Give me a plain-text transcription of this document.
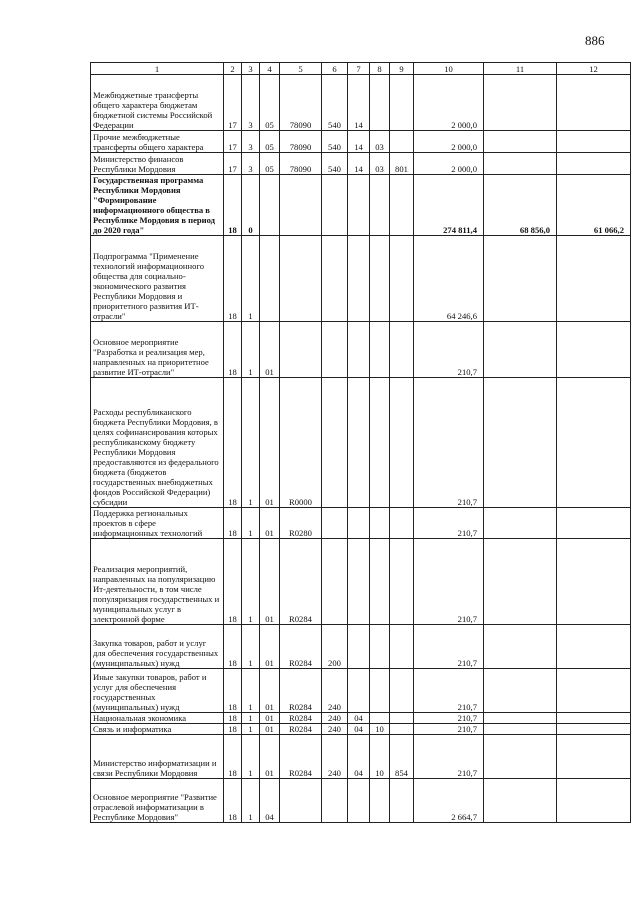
886
1	2	3	4	5	6	7	8	9	10	11	12
Межбюджетные трансферты общего характера бюджетам бюджетной системы Российской Федерации	17	3	05	78090	540	14			2 000,0		
Прочие межбюджетные трансферты общего характера	17	3	05	78090	540	14	03		2 000,0		
Министерство финансов Республики Мордовия	17	3	05	78090	540	14	03	801	2 000,0		
Государственная программа Республики Мордовия "Формирование информационного общества в Республике Мордовия в период до 2020 года"	18	0							274 811,4	68 856,0	61 066,2
Подпрограмма "Применение технологий информационного общества для социально-экономического развития Республики Мордовия и приоритетного развития ИТ-отрасли"	18	1							64 246,6		
Основное мероприятие "Разработка и реализация мер, направленных на приоритетное развитие ИТ-отрасли"	18	1	01						210,7		
Расходы республиканского бюджета Республики Мордовия, в целях софинансирования которых республиканскому бюджету Республики Мордовия предоставляются из федерального бюджета (бюджетов государственных внебюджетных фондов Российской Федерации) субсидии	18	1	01	R0000					210,7		
Поддержка региональных проектов в сфере информационных технологий	18	1	01	R0280					210,7		
Реализация мероприятий, направленных на популяризацию Ит-деятельности, в том числе популяризация государственных и муниципальных услуг в электронной форме	18	1	01	R0284					210,7		
Закупка товаров, работ и услуг для обеспечения государственных (муниципальных) нужд	18	1	01	R0284	200				210,7		
Иные закупки товаров, работ и услуг для обеспечения государственных (муниципальных) нужд	18	1	01	R0284	240				210,7		
Национальная экономика	18	1	01	R0284	240	04			210,7		
Связь и информатика	18	1	01	R0284	240	04	10		210,7		
Министерство информатизации и связи Республики Мордовия	18	1	01	R0284	240	04	10	854	210,7		
Основное мероприятие "Развитие отраслевой информатизации в Республике Мордовия"	18	1	04						2 664,7		
